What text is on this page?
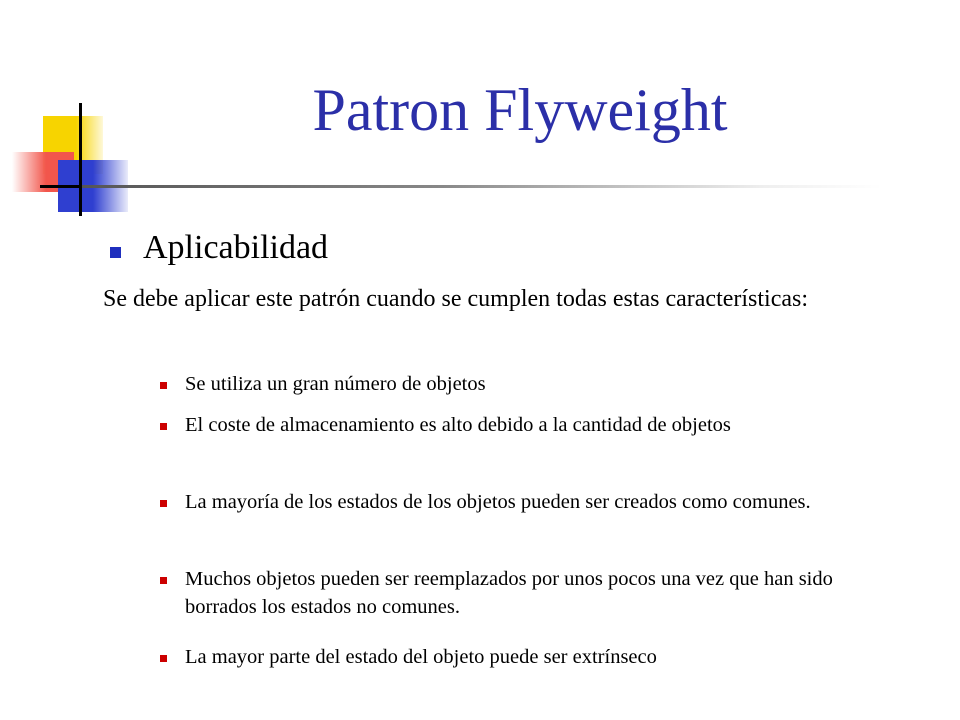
Patron Flyweight
Aplicabilidad
Se debe aplicar este patrón cuando se cumplen todas estas características:
Se utiliza un gran número de objetos
El coste de almacenamiento es alto debido a la cantidad de objetos
La mayoría de los estados de los objetos pueden ser creados como comunes.
Muchos objetos pueden ser reemplazados por unos pocos una vez que han sido borrados los estados no comunes.
La mayor parte del estado del objeto puede ser extrínseco
